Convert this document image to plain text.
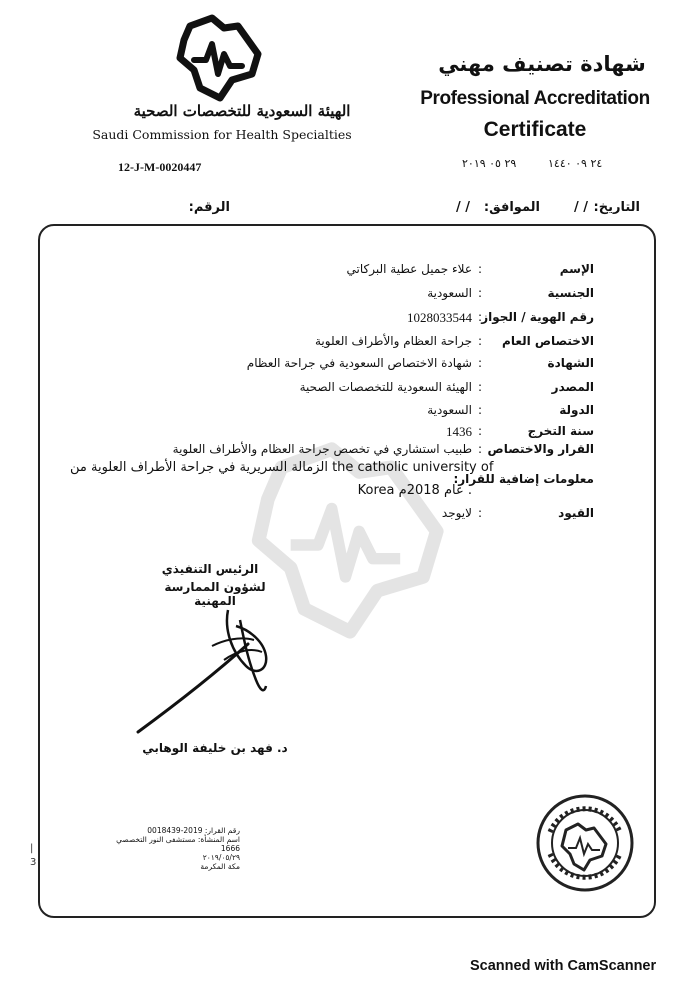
الهيئة السعودية للتخصصات الصحية
Saudi Commission for Health Specialties
12-J-M-0020447
شهادة تصنيف مهني
Professional Accreditation
Certificate
٢٤ ٠٩ ١٤٤٠
٢٩ ٠٥ ٢٠١٩
التاريخ:
/ /
الموافق:
/ /
الرقم:
الإسم
:
علاء جميل عطية البركاتي
الجنسية
:
السعودية
رقم الهوية / الجواز
:
1028033544
الاختصاص العام
:
جراحة العظام والأطراف العلوية
الشهادة
:
شهادة الاختصاص السعودية في جراحة العظام
المصدر
:
الهيئة السعودية للتخصصات الصحية
الدولة
:
السعودية
سنة التخرج
:
1436
القرار والاختصاص
:
طبيب استشاري في تخصص جراحة العظام والأطراف العلوية
معلومات إضافية للقرار:
الزمالة السريرية في جراحة الأطراف العلوية من the catholic university of
Korea عام 2018م .
القيود
:
لايوجد
الرئيس التنفيذي
لشؤون الممارسة المهنية
د. فهد بن خليفة الوهابي
رقم القرار: 2019-0018439
اسم المنشأة: مستشفى النور التخصصي
1666
٢٠١٩/٠٥/٢٩
مكة المكرمة
|
3
Scanned with CamScanner
